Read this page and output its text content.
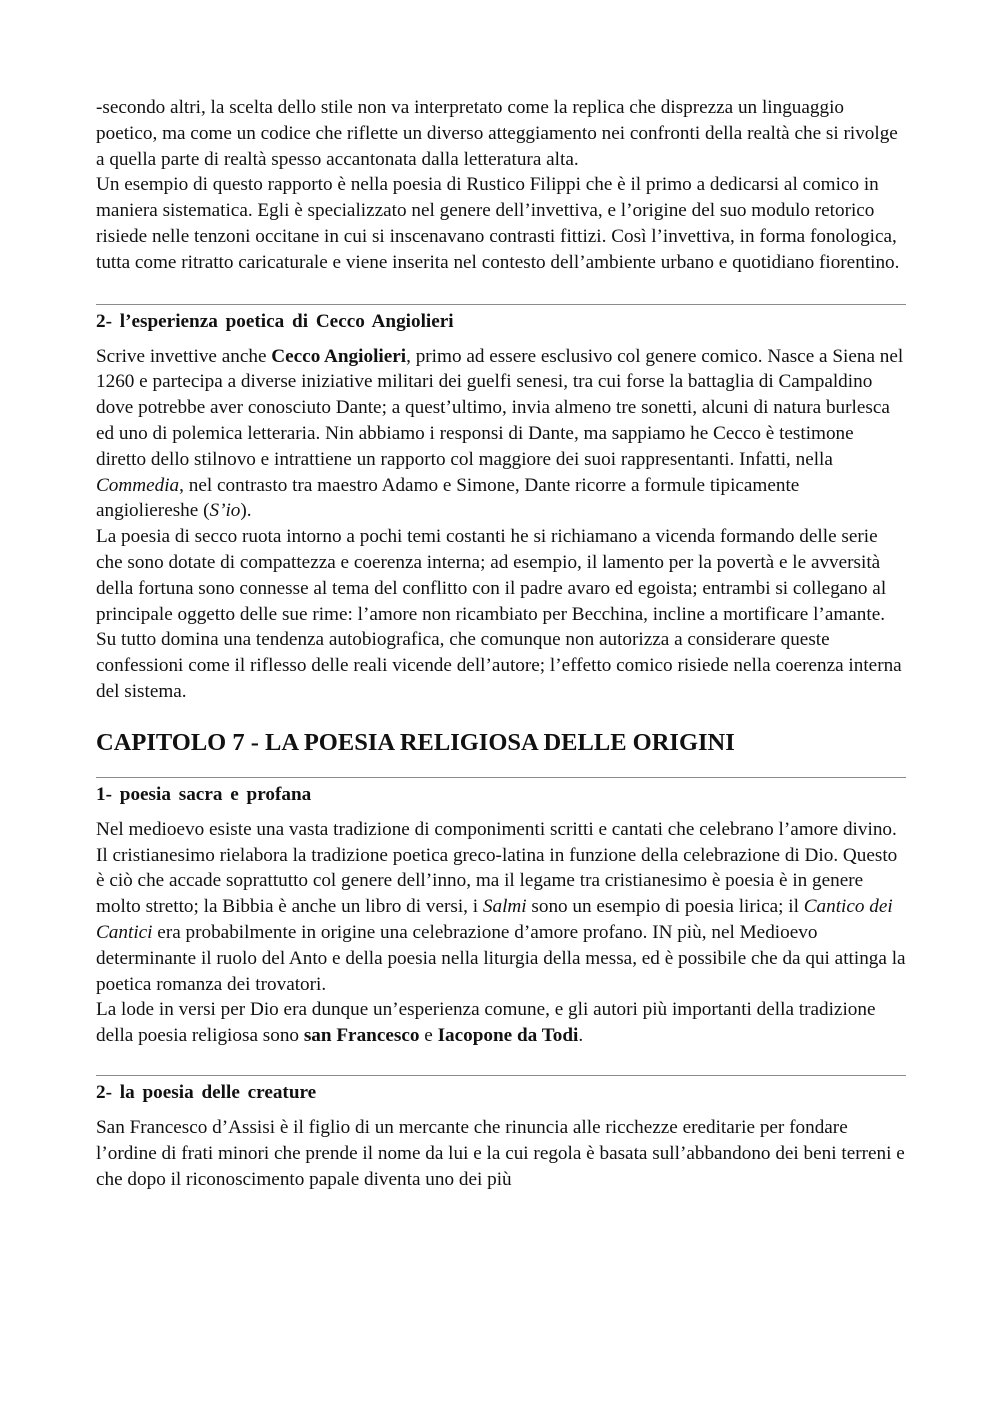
-secondo altri, la scelta dello stile non va interpretato come la replica che disprezza un linguaggio poetico, ma come un codice che riflette un diverso atteggiamento nei confronti della realtà che si rivolge a quella parte di realtà spesso accantonata dalla letteratura alta.

Un esempio di questo rapporto è nella poesia di Rustico Filippi che è il primo a dedicarsi al comico in maniera sistematica. Egli è specializzato nel genere dell’invettiva, e l’origine del suo modulo retorico risiede nelle tenzoni occitane in cui si inscenavano contrasti fittizi. Così l’invettiva, in forma fonologica, tutta come ritratto caricaturale e viene inserita nel contesto dell’ambiente urbano e quotidiano fiorentino.

2- l’esperienza poetica di Cecco Angiolieri

Scrive invettive anche Cecco Angiolieri, primo ad essere esclusivo col genere comico. Nasce a Siena nel 1260 e partecipa a diverse iniziative militari dei guelfi senesi, tra cui forse la battaglia di Campaldino dove potrebbe aver conosciuto Dante; a quest’ultimo, invia almeno tre sonetti, alcuni di natura burlesca ed uno di polemica letteraria. Nin abbiamo i responsi di Dante, ma sappiamo he Cecco è testimone diretto dello stilnovo e intrattiene un rapporto col maggiore dei suoi rappresentanti. Infatti, nella Commedia, nel contrasto tra maestro Adamo e Simone, Dante ricorre a formule tipicamente angioliereshe (S’io).

La poesia di secco ruota intorno a pochi temi costanti he si richiamano a vicenda formando delle serie che sono dotate di compattezza e coerenza interna; ad esempio, il lamento per la povertà e le avversità della fortuna sono connesse al tema del conflitto con il padre avaro ed egoista; entrambi si collegano al principale oggetto delle sue rime: l’amore non ricambiato per Becchina, incline a mortificare l’amante. Su tutto domina una tendenza autobiografica, che comunque non autorizza a considerare queste confessioni come il riflesso delle reali vicende dell’autore; l’effetto comico risiede nella coerenza interna del sistema.

CAPITOLO 7 - LA POESIA RELIGIOSA DELLE ORIGINI
1- poesia sacra e profana

Nel medioevo esiste una vasta tradizione di componimenti scritti e cantati che celebrano l’amore divino. Il cristianesimo rielabora la tradizione poetica greco-latina in funzione della celebrazione di Dio. Questo è ciò che accade soprattutto col genere dell’inno, ma il legame tra cristianesimo è poesia è in genere molto stretto; la Bibbia è anche un libro di versi, i Salmi sono un esempio di poesia lirica; il Cantico dei Cantici era probabilmente in origine una celebrazione d’amore profano. IN più, nel Medioevo determinante il ruolo del Anto e della poesia nella liturgia della messa, ed è possibile che da qui attinga la poetica romanza dei trovatori.

La lode in versi per Dio era dunque un’esperienza comune, e gli autori più importanti della tradizione della poesia religiosa sono san Francesco e Iacopone da Todi.

2- la poesia delle creature

San Francesco d’Assisi è il figlio di un mercante che rinuncia alle ricchezze ereditarie per fondare l’ordine di frati minori che prende il nome da lui e la cui regola è basata sull’abbandono dei beni terreni e che dopo il riconoscimento papale diventa uno dei più
